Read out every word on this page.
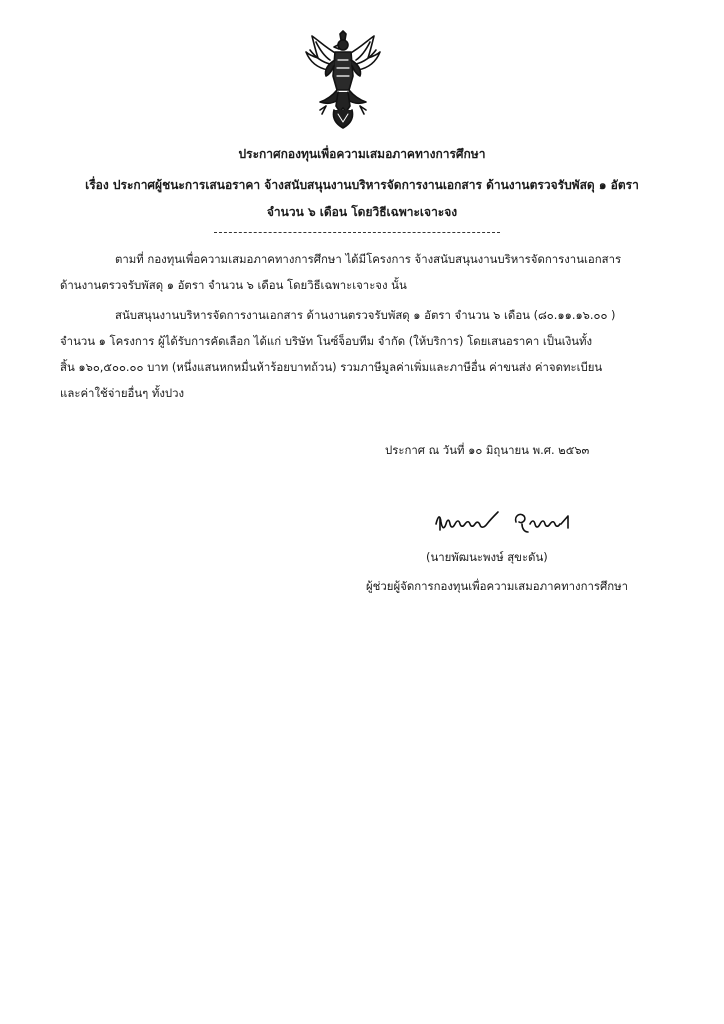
ประกาศกองทุนเพื่อความเสมอภาคทางการศึกษา
เรื่อง ประกาศผู้ชนะการเสนอราคา จ้างสนับสนุนงานบริหารจัดการงานเอกสาร ด้านงานตรวจรับพัสดุ ๑ อัตรา
จำนวน ๖ เดือน โดยวิธีเฉพาะเจาะจง
ตามที่ กองทุนเพื่อความเสมอภาคทางการศึกษา ได้มีโครงการ จ้างสนับสนุนงานบริหารจัดการงานเอกสาร
ด้านงานตรวจรับพัสดุ ๑ อัตรา จำนวน ๖ เดือน โดยวิธีเฉพาะเจาะจง นั้น
สนับสนุนงานบริหารจัดการงานเอกสาร ด้านงานตรวจรับพัสดุ ๑ อัตรา จำนวน ๖ เดือน (๘๐.๑๑.๑๖.๐๐ )
จำนวน ๑ โครงการ ผู้ได้รับการคัดเลือก ได้แก่ บริษัท โนซ์จ็อบทีม จำกัด (ให้บริการ) โดยเสนอราคา เป็นเงินทั้ง
สิ้น ๑๖๐,๕๐๐.๐๐ บาท (หนึ่งแสนหกหมื่นห้าร้อยบาทถ้วน) รวมภาษีมูลค่าเพิ่มและภาษีอื่น ค่าขนส่ง ค่าจดทะเบียน
และค่าใช้จ่ายอื่นๆ ทั้งปวง
ประกาศ ณ วันที่ ๑๐ มิถุนายน พ.ศ. ๒๕๖๓
(นายพัฒนะพงษ์ สุขะดัน)
ผู้ช่วยผู้จัดการกองทุนเพื่อความเสมอภาคทางการศึกษา
